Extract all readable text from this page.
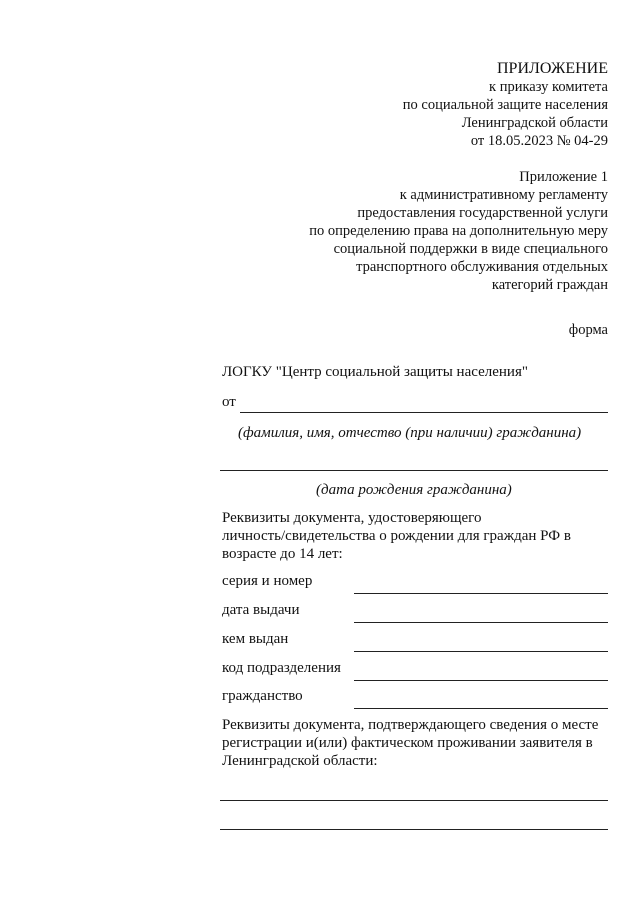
ПРИЛОЖЕНИЕ
к приказу комитета
по социальной защите населения
Ленинградской области
от 18.05.2023 № 04-29
Приложение 1
к административному регламенту
предоставления государственной услуги
по определению права на дополнительную меру
социальной поддержки в виде специального
транспортного обслуживания отдельных
категорий граждан
форма
ЛОГКУ "Центр социальной защиты населения"
от
(фамилия, имя, отчество (при наличии) гражданина)
(дата рождения гражданина)
Реквизиты документа, удостоверяющего
личность/свидетельства о рождении для граждан РФ в
возрасте до 14 лет:
серия и номер
дата выдачи
кем выдан
код подразделения
гражданство
Реквизиты документа, подтверждающего сведения о месте
регистрации и(или) фактическом проживании заявителя в
Ленинградской области:
